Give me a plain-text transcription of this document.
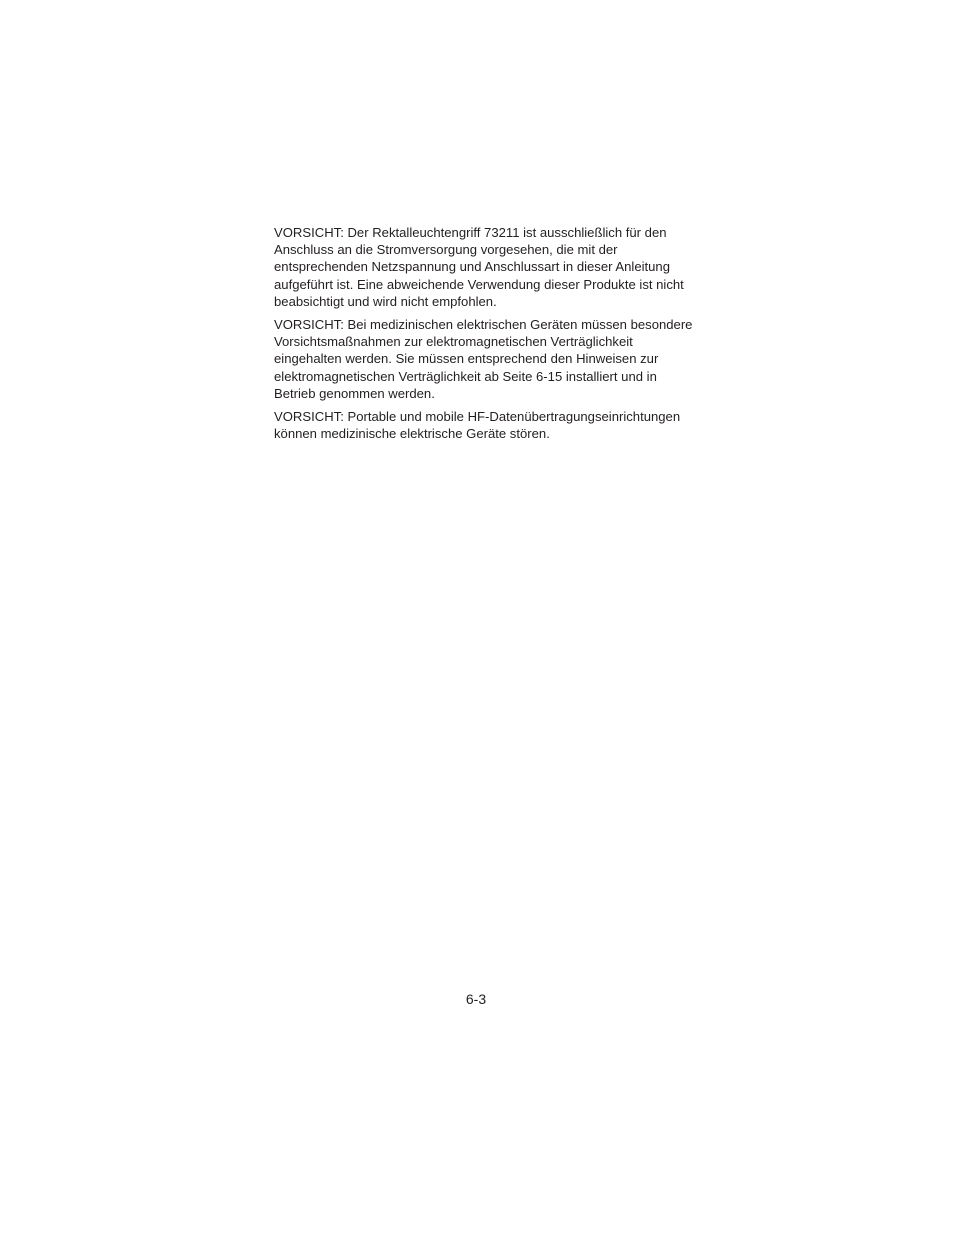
VORSICHT: Der Rektalleuchtengriff 73211 ist ausschließlich für den
Anschluss an die Stromversorgung vorgesehen, die mit der
entsprechenden Netzspannung und Anschlussart in dieser Anleitung
aufgeführt ist. Eine abweichende Verwendung dieser Produkte ist nicht
beabsichtigt und wird nicht empfohlen.

VORSICHT: Bei medizinischen elektrischen Geräten müssen besondere
Vorsichtsmaßnahmen zur elektromagnetischen Verträglichkeit
eingehalten werden. Sie müssen entsprechend den Hinweisen zur
elektromagnetischen Verträglichkeit ab Seite 6-15 installiert und in
Betrieb genommen werden.

VORSICHT: Portable und mobile HF-Datenübertragungseinrichtungen
können medizinische elektrische Geräte stören.

6-3
